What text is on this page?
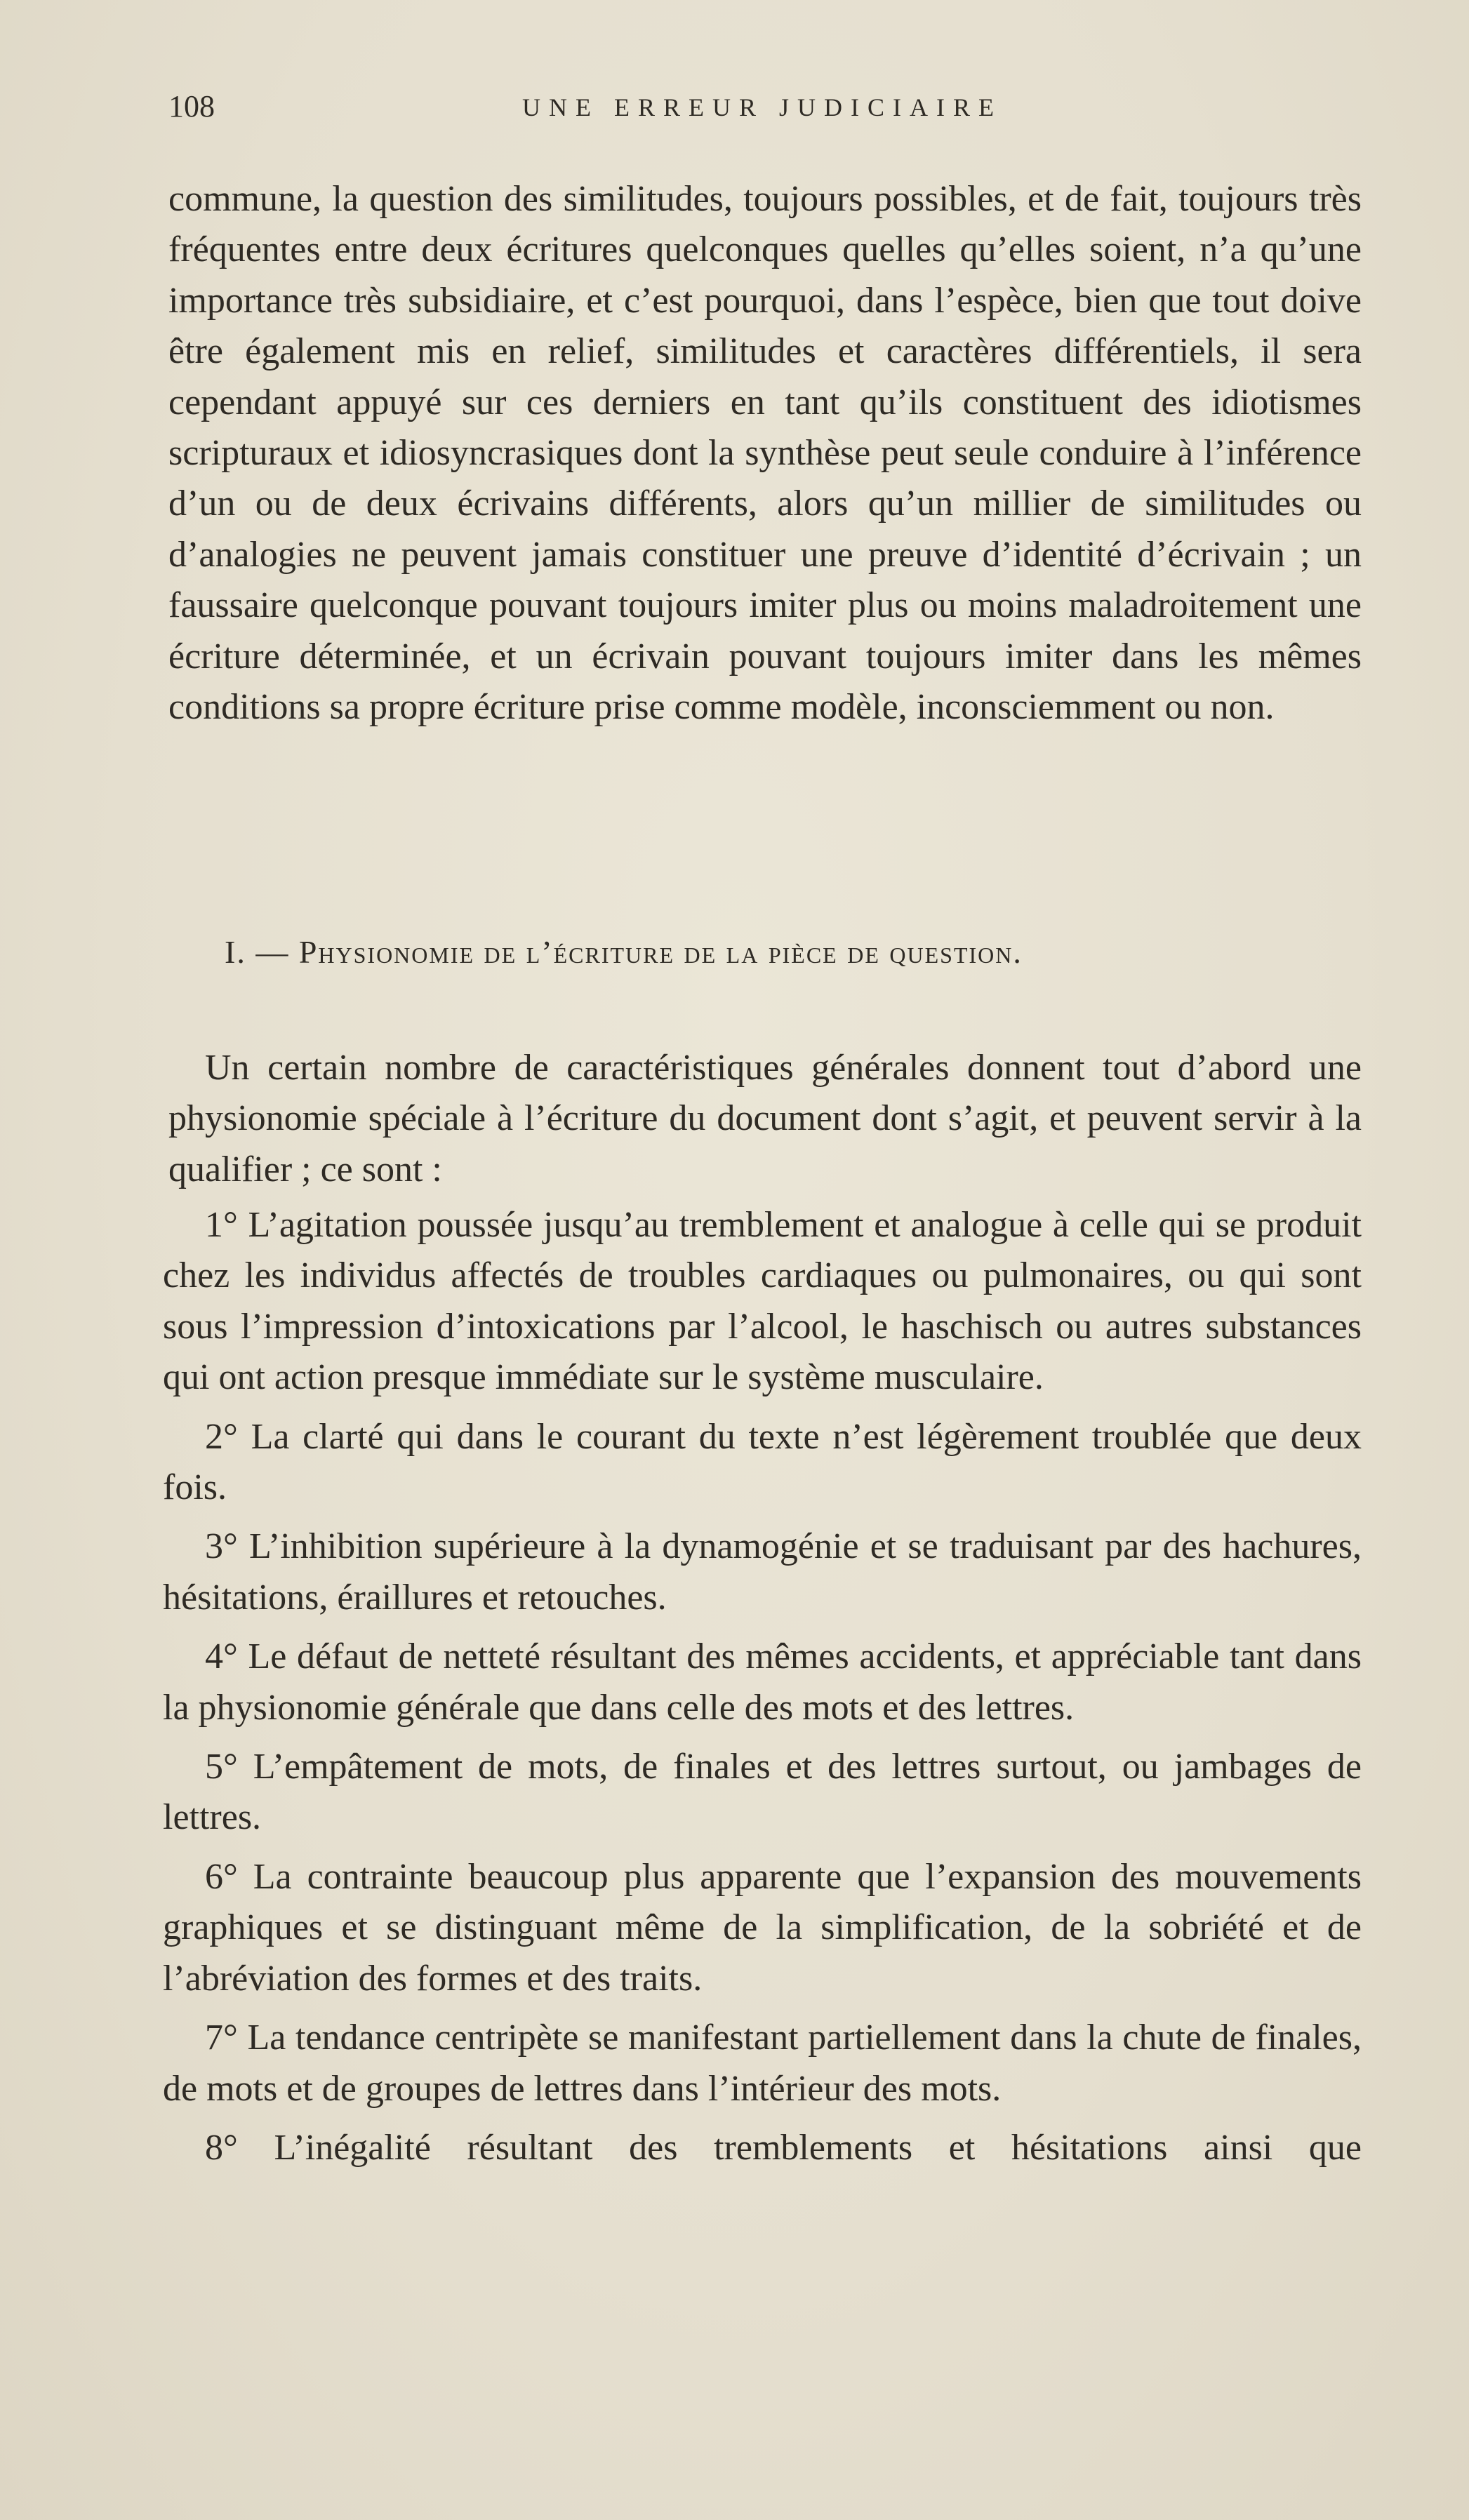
108	UNE ERREUR JUDICIAIRE

commune, la question des similitudes, toujours possibles, et de fait, toujours très fréquentes entre deux écritures quelconques quelles qu’elles soient, n’a qu’une importance très subsidiaire, et c’est pourquoi, dans l’espèce, bien que tout doive être également mis en relief, similitudes et caractères différentiels, il sera cependant appuyé sur ces derniers en tant qu’ils constituent des idiotismes scripturaux et idiosyncrasiques dont la synthèse peut seule conduire à l’inférence d’un ou de deux écrivains différents, alors qu’un millier de similitudes ou d’analogies ne peuvent jamais constituer une preuve d’identité d’écrivain ; un faussaire quelconque pouvant toujours imiter plus ou moins maladroitement une écriture déterminée, et un écrivain pouvant toujours imiter dans les mêmes conditions sa propre écriture prise comme modèle, inconsciemment ou non.

I. — Physionomie de l’écriture de la pièce de question.

Un certain nombre de caractéristiques générales donnent tout d’abord une physionomie spéciale à l’écriture du document dont s’agit, et peuvent servir à la qualifier ; ce sont :

1° L’agitation poussée jusqu’au tremblement et analogue à celle qui se produit chez les individus affectés de troubles cardiaques ou pulmonaires, ou qui sont sous l’impression d’intoxications par l’alcool, le haschisch ou autres substances qui ont action presque immédiate sur le système musculaire.

2° La clarté qui dans le courant du texte n’est légèrement troublée que deux fois.

3° L’inhibition supérieure à la dynamogénie et se traduisant par des hachures, hésitations, éraillures et retouches.

4° Le défaut de netteté résultant des mêmes accidents, et appréciable tant dans la physionomie générale que dans celle des mots et des lettres.

5° L’empâtement de mots, de finales et des lettres surtout, ou jambages de lettres.

6° La contrainte beaucoup plus apparente que l’expansion des mouvements graphiques et se distinguant même de la simplification, de la sobriété et de l’abréviation des formes et des traits.

7° La tendance centripète se manifestant partiellement dans la chute de finales, de mots et de groupes de lettres dans l’intérieur des mots.

8° L’inégalité résultant des tremblements et hésitations ainsi que
